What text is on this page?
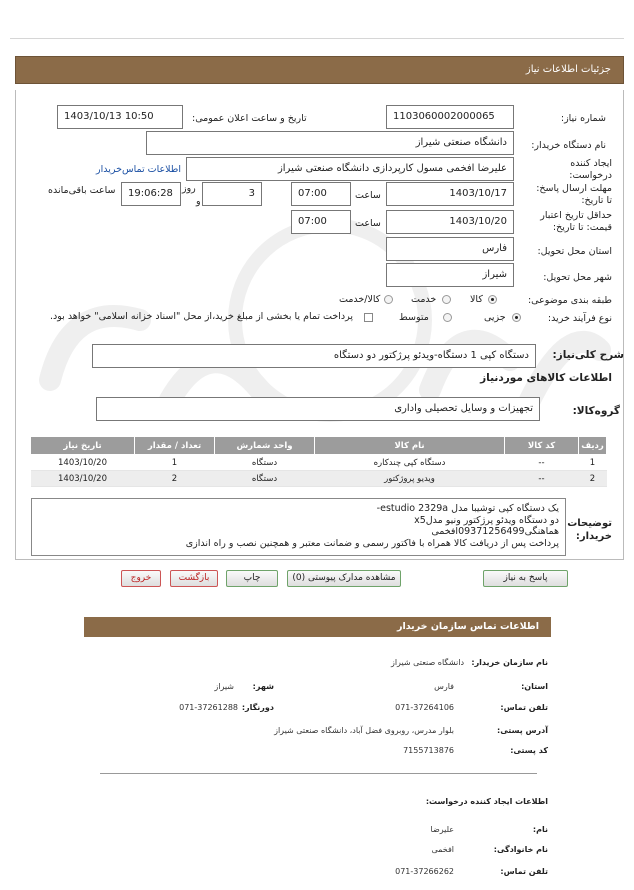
جزئیات اطلاعات نیاز
شماره نیاز:
1103060002000065
تاریخ و ساعت اعلان عمومی:
1403/10/13 10:50
نام دستگاه خریدار:
دانشگاه صنعتی شیراز
ایجاد کننده درخواست:
علیرضا افخمی مسول کارپردازی دانشگاه صنعتی شیراز
اطلاعات تماس‌خریدار
مهلت ارسال پاسخ: تا تاریخ:
1403/10/17
ساعت
07:00
3
روز
و
19:06:28
ساعت باقی‌مانده
حداقل تاریخ اعتبار قیمت: تا تاریخ:
1403/10/20
ساعت
07:00
استان محل تحویل:
فارس
شهر محل تحویل:
شیراز
طبقه بندی موضوعی:
کالا
خدمت
کالا/خدمت
نوع فرآیند خرید:
جزیی
متوسط
پرداخت تمام یا بخشی از مبلغ خرید،از محل "اسناد خزانه اسلامی" خواهد بود.
شرح کلی‌نیاز:
دستگاه کپی 1 دستگاه-ویدئو پرژکتور دو دستگاه
اطلاعات کالاهای موردنیاز
گروه‌کالا:
تجهیزات و وسایل تحصیلی واداری
ردیف	کد کالا	نام کالا	واحد شمارش	تعداد / مقدار	تاریخ نیاز
1	--	دستگاه کپی چندکاره	دستگاه	1	1403/10/20
2	--	ویدیو پروژکتور	دستگاه	2	1403/10/20
توضیحات خریدار:
یک دستگاه کپی توشیبا مدل estudio 2329a-
دو دستگاه ویدئو پرژکتور ونیو مدلx5
هماهنگی09371256499افخمی
پرداخت پس از دریافت کالا همراه با فاکتور رسمی و ضمانت معتبر و همچنین نصب و راه اندازی
پاسخ به نیاز
مشاهده مدارک پیوستی (0)
چاپ
بازگشت
خروج
اطلاعات تماس سازمان خریدار
نام سازمان خریدار:
دانشگاه صنعتی شیراز
استان:
فارس
شهر:
شیراز
تلفن تماس:
071-37264106
دورنگار:
071-37261288
آدرس پستی:
بلوار مدرس، روبروی فضل آباد، دانشگاه صنعتی شیراز
کد پستی:
7155713876
اطلاعات ایجاد کننده درخواست:
نام:
علیرضا
نام خانوادگی:
افخمی
تلفن تماس:
071-37266262
